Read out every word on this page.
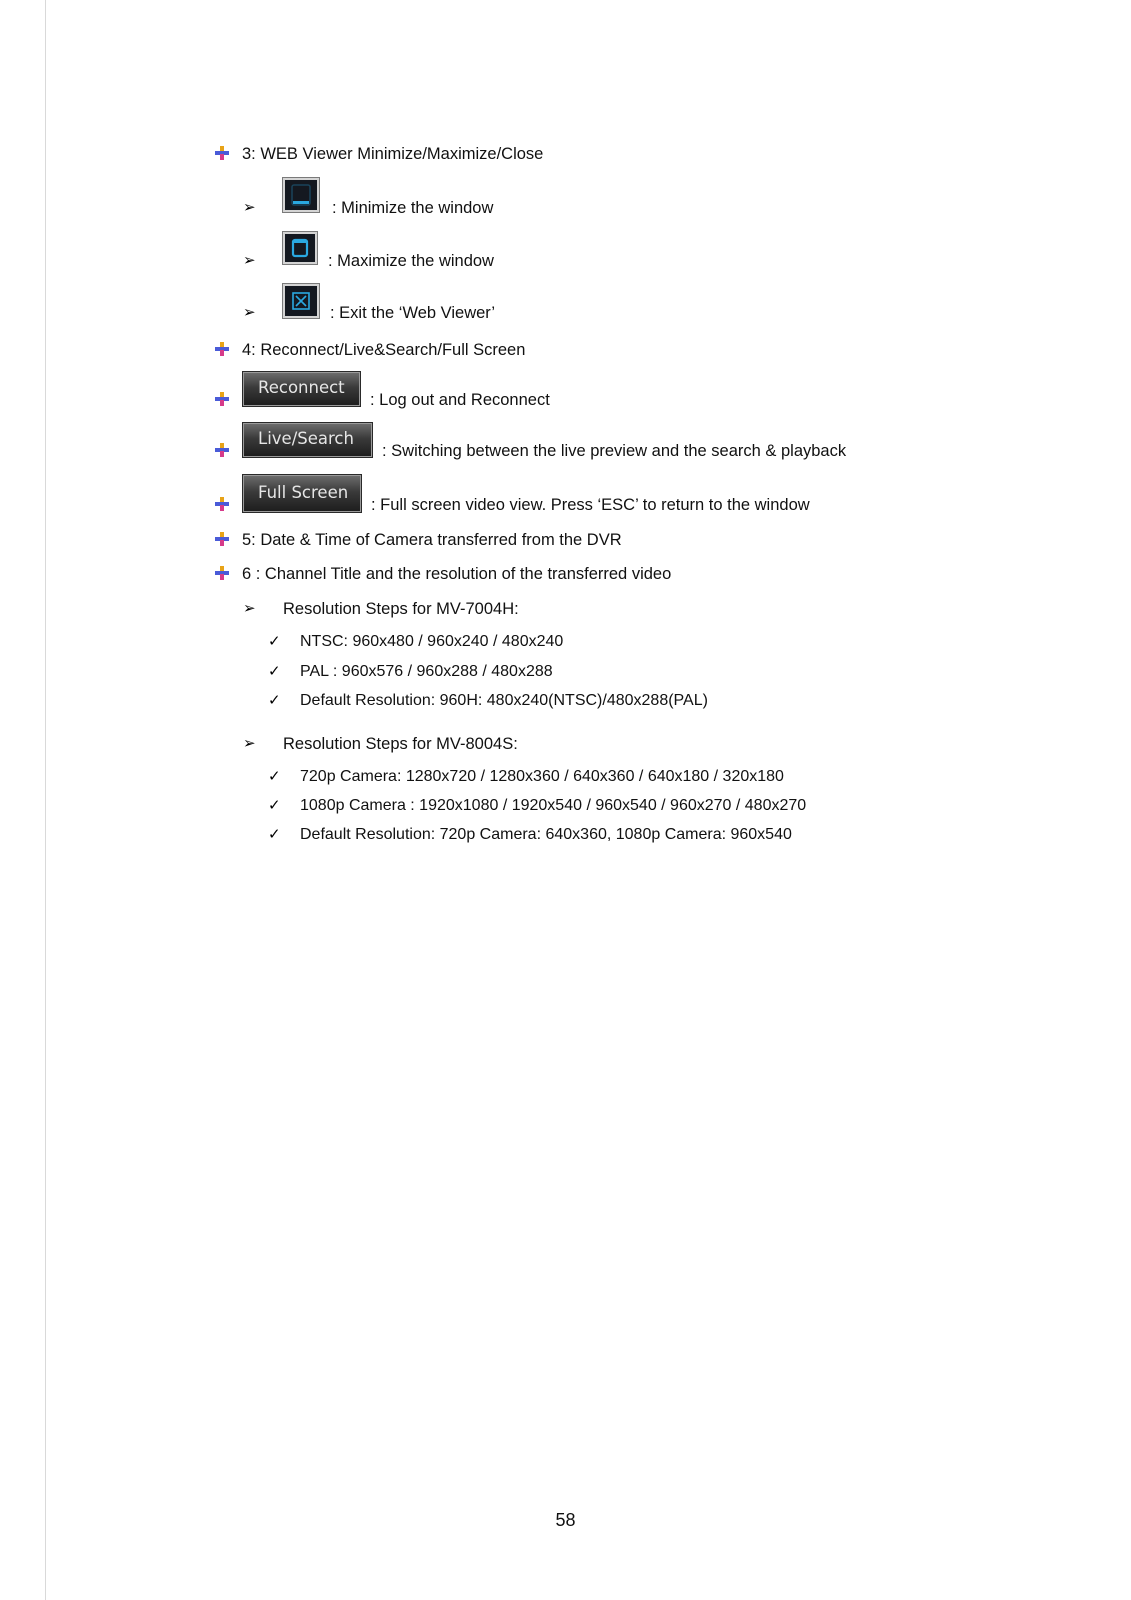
3: WEB Viewer Minimize/Maximize/Close
➢	: Minimize the window
➢	: Maximize the window
➢	: Exit the ‘Web Viewer’
4: Reconnect/Live&Search/Full Screen
Reconnect
: Log out and Reconnect
Live/Search
: Switching between the live preview and the search & playback
Full Screen
: Full screen video view. Press ‘ESC’ to return to the window
5: Date & Time of Camera transferred from the DVR
6 : Channel Title and the resolution of the transferred video
➢ Resolution Steps for MV-7004H:
✓ NTSC: 960x480 / 960x240 / 480x240
✓ PAL : 960x576 / 960x288 / 480x288
✓ Default Resolution: 960H: 480x240(NTSC)/480x288(PAL)
➢ Resolution Steps for MV-8004S:
✓ 720p Camera: 1280x720 / 1280x360 / 640x360 / 640x180 / 320x180
✓ 1080p Camera : 1920x1080 / 1920x540 / 960x540 / 960x270 / 480x270
✓ Default Resolution: 720p Camera: 640x360, 1080p Camera: 960x540
58
